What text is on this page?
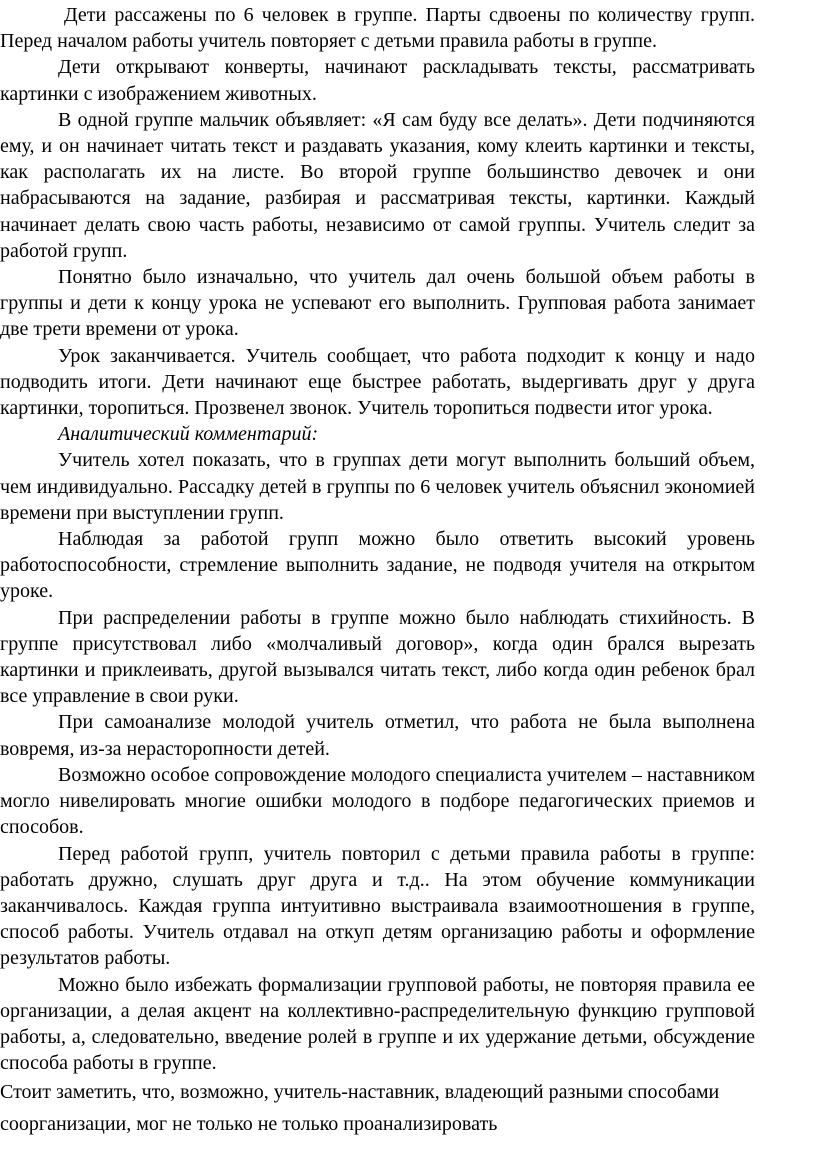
Дети рассажены по 6 человек в группе. Парты сдвоены по количеству групп. Перед началом работы учитель повторяет с детьми правила работы в группе.

Дети открывают конверты, начинают раскладывать тексты, рассматривать картинки с изображением животных.

В одной группе мальчик объявляет: «Я сам буду все делать». Дети подчиняются ему, и он начинает читать текст и раздавать указания, кому клеить картинки и тексты, как располагать их на листе. Во второй группе большинство девочек и они набрасываются на задание, разбирая и рассматривая тексты, картинки. Каждый начинает делать свою часть работы, независимо от самой группы. Учитель следит за работой групп.

Понятно было изначально, что учитель дал очень большой объем работы в группы и дети к концу урока не успевают его выполнить. Групповая работа занимает две трети времени от урока.

Урок заканчивается. Учитель сообщает, что работа подходит к концу и надо подводить итоги. Дети начинают еще быстрее работать, выдергивать друг у друга картинки, торопиться. Прозвенел звонок. Учитель торопиться подвести итог урока.

Аналитический комментарий:

Учитель хотел показать, что в группах дети могут выполнить больший объем, чем индивидуально. Рассадку детей в группы по 6 человек учитель объяснил экономией времени при выступлении групп.

Наблюдая за работой групп можно было ответить высокий уровень работоспособности, стремление выполнить задание, не подводя учителя на открытом уроке.

При распределении работы в группе можно было наблюдать стихийность. В группе присутствовал либо «молчаливый договор», когда один брался вырезать картинки и приклеивать, другой вызывался читать текст, либо когда один ребенок брал все управление в свои руки.

При самоанализе молодой учитель отметил, что работа не была выполнена вовремя, из-за нерасторопности детей.

Возможно особое сопровождение молодого специалиста учителем – наставником могло нивелировать многие ошибки молодого в подборе педагогических приемов и способов.

Перед работой групп, учитель повторил с детьми правила работы в группе: работать дружно, слушать друг друга и т.д.. На этом обучение коммуникации заканчивалось. Каждая группа интуитивно выстраивала взаимоотношения в группе, способ работы. Учитель отдавал на откуп детям организацию работы и оформление результатов работы.

Можно было избежать формализации групповой работы, не повторяя правила ее организации, а делая акцент на коллективно-распределительную функцию групповой работы, а, следовательно, введение ролей в группе и их удержание детьми, обсуждение способа работы в группе.

Стоит заметить, что, возможно, учитель-наставник, владеющий разными способами соорганизации, мог не только не только проанализировать
